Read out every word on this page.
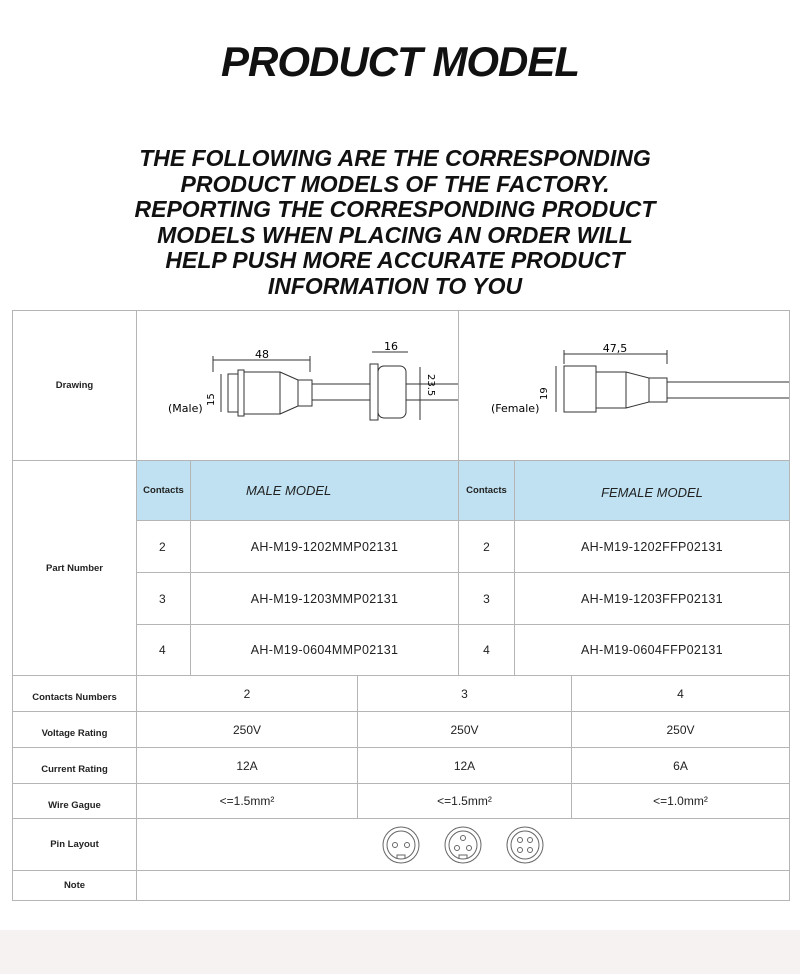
PRODUCT MODEL
THE FOLLOWING ARE THE CORRESPONDING
PRODUCT MODELS OF THE FACTORY.
REPORTING THE CORRESPONDING PRODUCT
MODELS WHEN PLACING AN ORDER WILL
HELP PUSH MORE ACCURATE PRODUCT
INFORMATION TO YOU
Drawing
48
16
15
23.5
(Male)
47,5
19
(Female)
Part Number
Contacts	MALE MODEL	Contacts	FEMALE MODEL
2	AH-M19-1202MMP02131	2	AH-M19-1202FFP02131
3	AH-M19-1203MMP02131	3	AH-M19-1203FFP02131
4	AH-M19-0604MMP02131	4	AH-M19-0604FFP02131
Contacts Numbers	2	3	4
Voltage Rating	250V	250V	250V
Current Rating	12A	12A	6A
Wire Gague	<=1.5mm²	<=1.5mm²	<=1.0mm²
Pin Layout
Note
